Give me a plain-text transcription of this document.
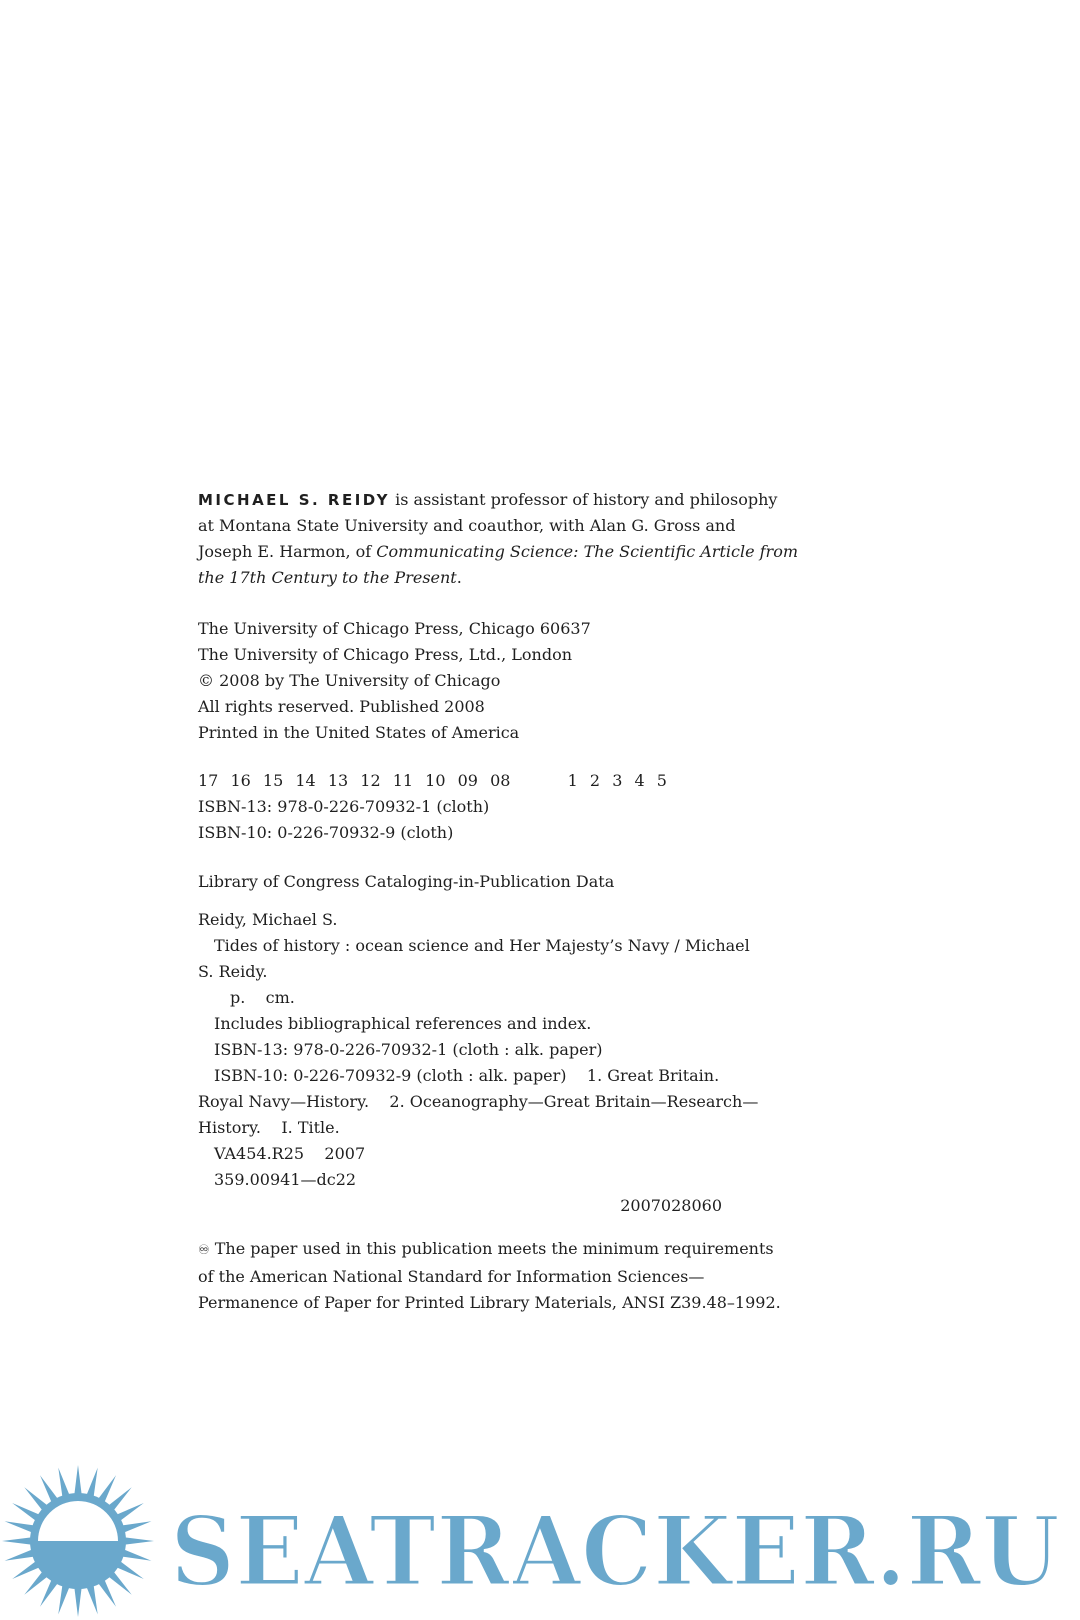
MICHAEL S. REIDY is assistant professor of history and philosophy
at Montana State University and coauthor, with Alan G. Gross and
Joseph E. Harmon, of Communicating Science: The Scientific Article from
the 17th Century to the Present.
The University of Chicago Press, Chicago 60637
The University of Chicago Press, Ltd., London
© 2008 by The University of Chicago
All rights reserved. Published 2008
Printed in the United States of America
17 16 15 14 13 12 11 10 09 08	1 2 3 4 5
ISBN-13: 978-0-226-70932-1 (cloth)
ISBN-10: 0-226-70932-9 (cloth)
Library of Congress Cataloging-in-Publication Data
Reidy, Michael S.
Tides of history : ocean science and Her Majesty’s Navy / Michael
S. Reidy.
p.    cm.
Includes bibliographical references and index.
ISBN-13: 978-0-226-70932-1 (cloth : alk. paper)
ISBN-10: 0-226-70932-9 (cloth : alk. paper)    1. Great Britain.
Royal Navy—History.    2. Oceanography—Great Britain—Research—
History.    I. Title.
VA454.R25    2007
359.00941—dc22
2007028060
♾ The paper used in this publication meets the minimum requirements
of the American National Standard for Information Sciences—
Permanence of Paper for Printed Library Materials, ANSI Z39.48–1992.
SEATRACKER.RU
